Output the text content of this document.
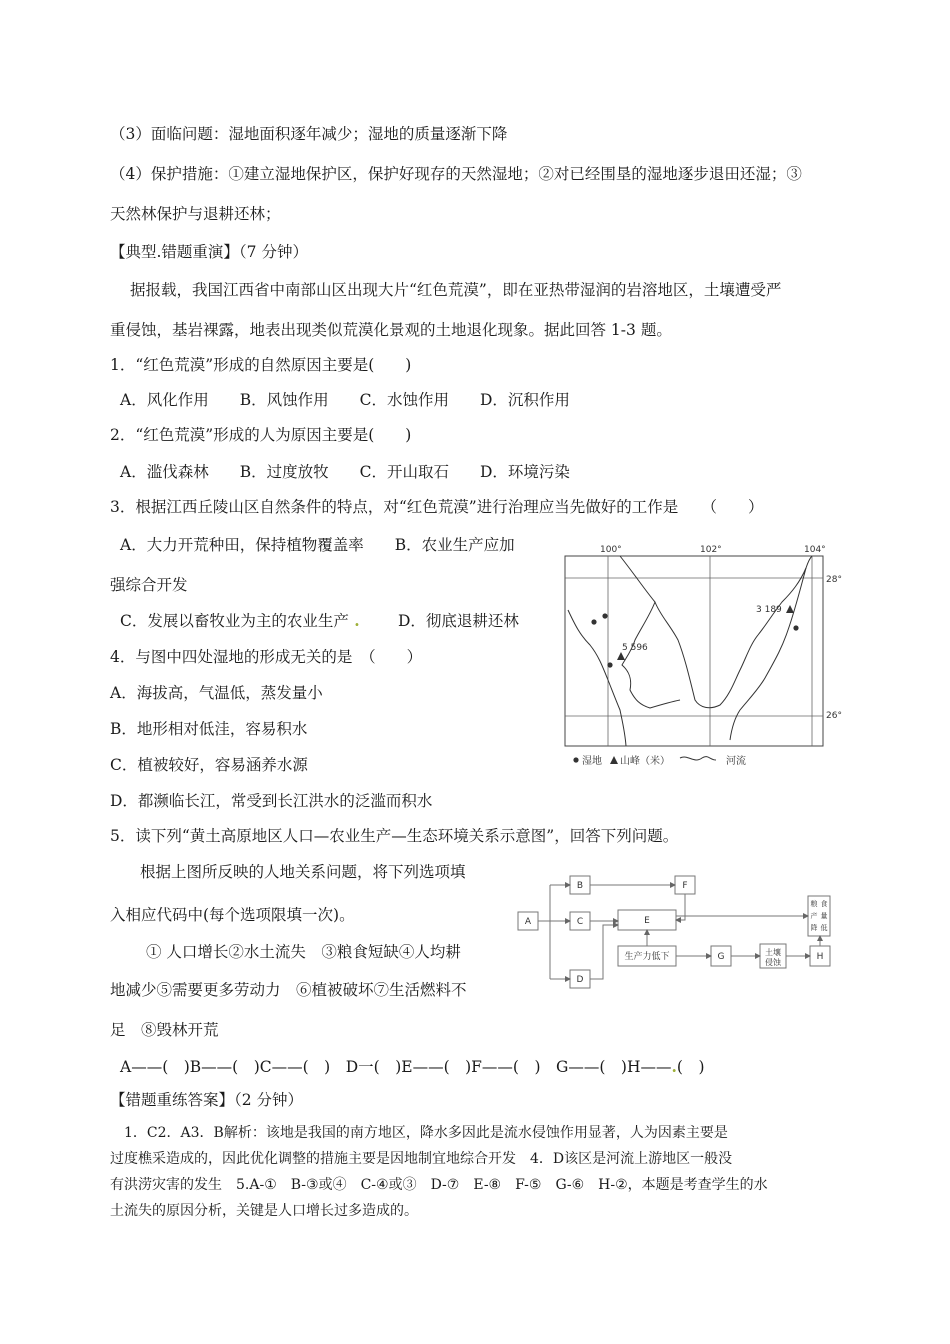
（3）面临问题：湿地面积逐年减少；湿地的质量逐渐下降
（4）保护措施：①建立湿地保护区，保护好现存的天然湿地；②对已经围垦的湿地逐步退田还湿；③
天然林保护与退耕还林；
【典型.错题重演】（7 分钟）
据报载，我国江西省中南部山区出现大片“红色荒漠”，即在亚热带湿润的岩溶地区，土壤遭受严
重侵蚀，基岩裸露，地表出现类似荒漠化景观的土地退化现象。据此回答 1-3 题。
1．“红色荒漠”形成的自然原因主要是(　　)
A．风化作用　　B．风蚀作用　　C．水蚀作用　　D．沉积作用
2．“红色荒漠”形成的人为原因主要是(　　)
A．滥伐森林　　B．过度放牧　　C．开山取石　　D．环境污染
3．根据江西丘陵山区自然条件的特点，对“红色荒漠”进行治理应当先做好的工作是　　（　　）
A．大力开荒种田，保持植物覆盖率　　B．农业生产应加
强综合开发
C．发展以畜牧业为主的农业生产 . D．彻底退耕还林
4．与图中四处湿地的形成无关的是　（　　）
A．海拔高，气温低，蒸发量小
B．地形相对低洼，容易积水
C．植被较好，容易涵养水源
D．都濒临长江，常受到长江洪水的泛滥而积水
100°	102°	104°
28°
26°
5 596
3 189
湿地 山峰（米）	河流
5．读下列“黄土高原地区人口—农业生产—生态环境关系示意图”，回答下列问题。
根据上图所反映的人地关系问题，将下列选项填
入相应代码中(每个选项限填一次)。
① 人口增长②水土流失　③粮食短缺④人均耕
地减少⑤需要更多劳动力　⑥植被破坏⑦生活燃料不
足　⑧毁林开荒
A——(　)B——(　)C——(　)　D一(　)E——(　)F——(　)　G——(　)H——.(　)
A
B
C
D
E
F
G	H
生产力低下	土壤
侵蚀
粮 食
产 量
降 低
【错题重练答案】（2 分钟）
1．C2．A3．B解析：该地是我国的南方地区，降水多因此是流水侵蚀作用显著，人为因素主要是
过度樵采造成的，因此优化调整的措施主要是因地制宜地综合开发　4．D该区是河流上游地区一般没
有洪涝灾害的发生　5.A-①　B-③或④　C-④或③　D-⑦　E-⑧　F-⑤　G-⑥　H-②，本题是考查学生的水
土流失的原因分析，关键是人口增长过多造成的。
